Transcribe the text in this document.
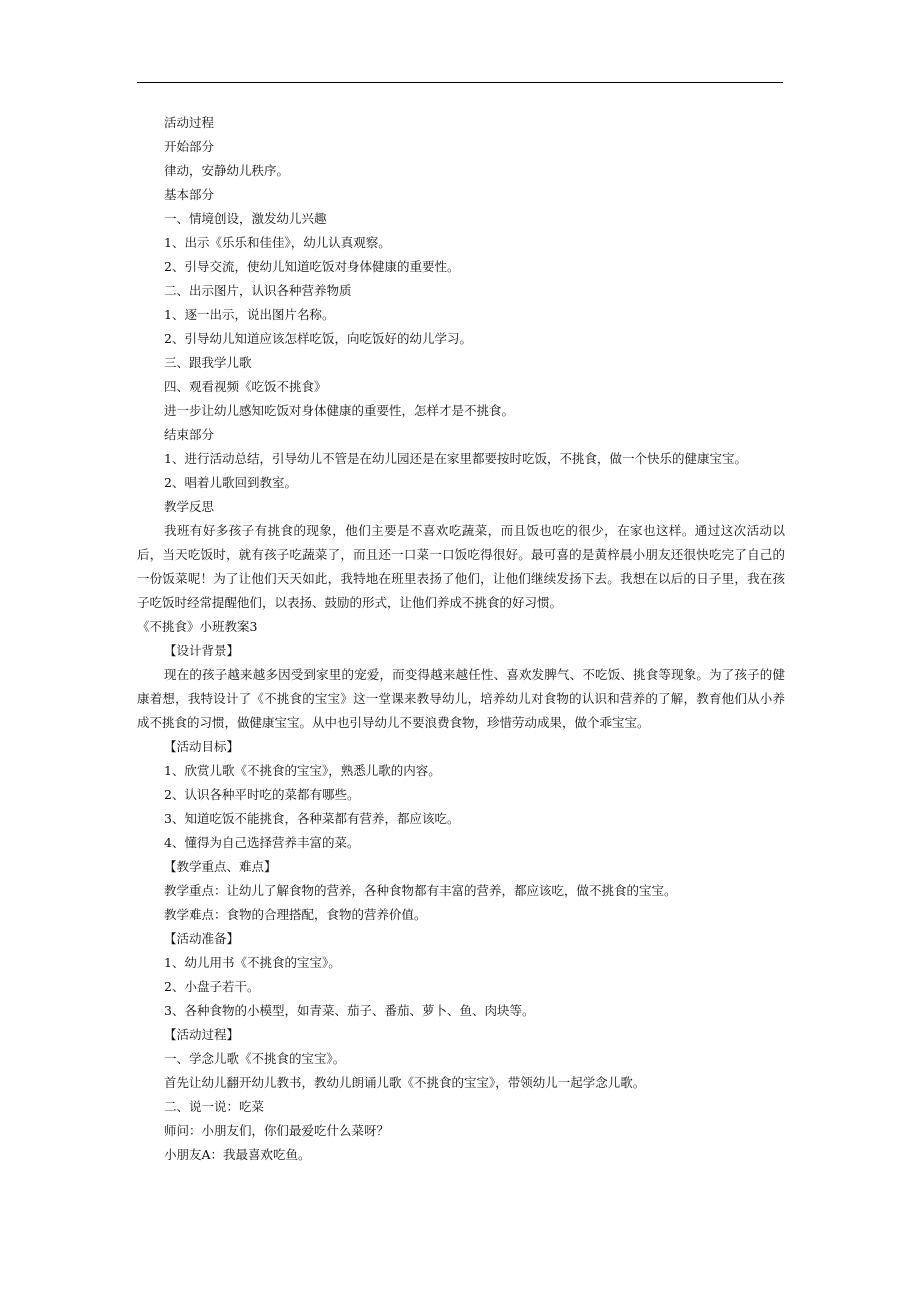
活动过程
开始部分
律动，安静幼儿秩序。
基本部分
一、情境创设，激发幼儿兴趣
1、出示《乐乐和佳佳》，幼儿认真观察。
2、引导交流，使幼儿知道吃饭对身体健康的重要性。
二、出示图片，认识各种营养物质
1、逐一出示，说出图片名称。
2、引导幼儿知道应该怎样吃饭，向吃饭好的幼儿学习。
三、跟我学儿歌
四、观看视频《吃饭不挑食》
进一步让幼儿感知吃饭对身体健康的重要性，怎样才是不挑食。
结束部分
1、进行活动总结，引导幼儿不管是在幼儿园还是在家里都要按时吃饭，不挑食，做一个快乐的健康宝宝。
2、唱着儿歌回到教室。
教学反思

我班有好多孩子有挑食的现象，他们主要是不喜欢吃蔬菜，而且饭也吃的很少，在家也这样。通过这次活动以后，当天吃饭时，就有孩子吃蔬菜了，而且还一口菜一口饭吃得很好。最可喜的是黄梓晨小朋友还很快吃完了自己的一份饭菜呢！为了让他们天天如此，我特地在班里表扬了他们，让他们继续发扬下去。我想在以后的日子里，我在孩子吃饭时经常提醒他们，以表扬、鼓励的形式，让他们养成不挑食的好习惯。

《不挑食》小班教案3
【设计背景】

现在的孩子越来越多因受到家里的宠爱，而变得越来越任性、喜欢发脾气、不吃饭、挑食等现象。为了孩子的健康着想，我特设计了《不挑食的宝宝》这一堂课来教导幼儿，培养幼儿对食物的认识和营养的了解，教育他们从小养成不挑食的习惯，做健康宝宝。从中也引导幼儿不要浪费食物，珍惜劳动成果，做个乖宝宝。

【活动目标】
1、欣赏儿歌《不挑食的宝宝》，熟悉儿歌的内容。
2、认识各种平时吃的菜都有哪些。
3、知道吃饭不能挑食，各种菜都有营养，都应该吃。
4、懂得为自己选择营养丰富的菜。
【教学重点、难点】
教学重点：让幼儿了解食物的营养，各种食物都有丰富的营养，都应该吃，做不挑食的宝宝。
教学难点：食物的合理搭配，食物的营养价值。
【活动准备】
1、幼儿用书《不挑食的宝宝》。
2、小盘子若干。
3、各种食物的小模型，如青菜、茄子、番茄、萝卜、鱼、肉块等。
【活动过程】
一、学念儿歌《不挑食的宝宝》。
首先让幼儿翻开幼儿教书，教幼儿朗诵儿歌《不挑食的宝宝》，带领幼儿一起学念儿歌。
二、说一说：吃菜
师问：小朋友们，你们最爱吃什么菜呀？
小朋友A：我最喜欢吃鱼。
